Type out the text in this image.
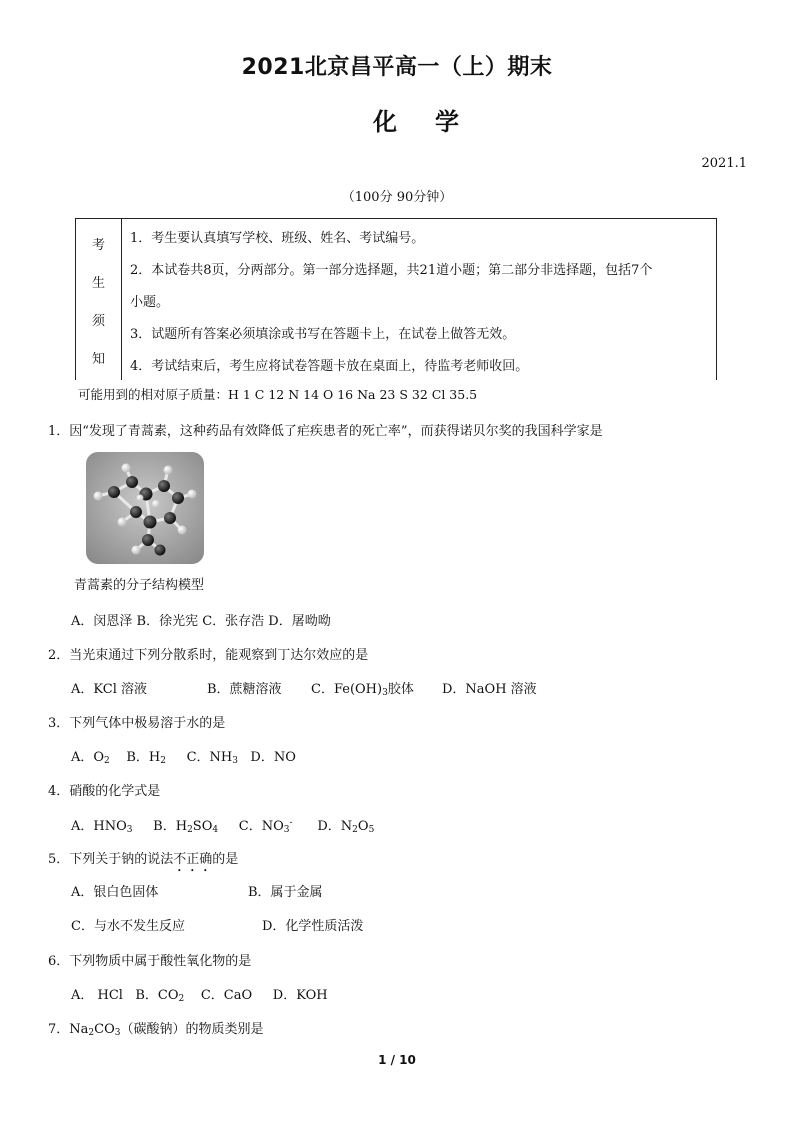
2021北京昌平高一（上）期末
化学
2021.1
（100分 90分钟）
考
生
须
知
1．考生要认真填写学校、班级、姓名、考试编号。
2．本试卷共8页，分两部分。第一部分选择题，共21道小题；第二部分非选择题，包括7个
小题。
3．试题所有答案必须填涂或书写在答题卡上，在试卷上做答无效。
4．考试结束后，考生应将试卷答题卡放在桌面上，待监考老师收回。
可能用到的相对原子质量：H 1 C 12 N 14 O 16 Na 23 S 32 Cl 35.5
1．因“发现了青蒿素，这种药品有效降低了疟疾患者的死亡率”，而获得诺贝尔奖的我国科学家是
青蒿素的分子结构模型
A．闵恩泽 B．徐光宪 C．张存浩 D．屠呦呦
2．当光束通过下列分散系时，能观察到丁达尔效应的是
A．KCl 溶液	B．蔗糖溶液 C．$Fe(OH)_3$胶体 D．NaOH 溶液
3．下列气体中极易溶于水的是
A．$O_2$ B．$H_2$ C．$NH_3$ D．NO
4．硝酸的化学式是
A．$HNO_3$ B．$H_2SO_4$ C．$NO_3^-$ D．$N_2O_5$
5．下列关于钠的说法不正确的是
A．银白色固体	B．属于金属
C．与水不发生反应	D．化学性质活泼
6．下列物质中属于酸性氧化物的是
A． HCl B．$CO_2$ C．CaO D．KOH
7．$Na_2CO_3$（碳酸钠）的物质类别是
1 / 10
